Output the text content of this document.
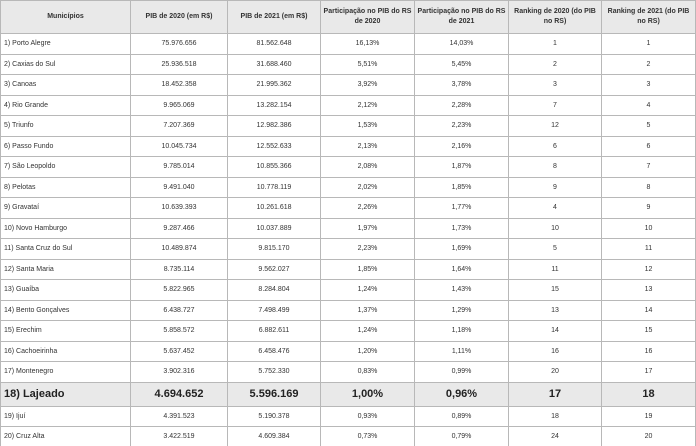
Municípios	PIB de 2020 (em R$)	PIB de 2021 (em R$)	Participação no PIB do RS de 2020	Participação no PIB do RS de 2021	Ranking de 2020 (do PIB no RS)	Ranking de 2021 (do PIB no RS)
1) Porto Alegre	75.976.656	81.562.648	16,13%	14,03%	1	1
2) Caxias do Sul	25.936.518	31.688.460	5,51%	5,45%	2	2
3) Canoas	18.452.358	21.995.362	3,92%	3,78%	3	3
4) Rio Grande	9.965.069	13.282.154	2,12%	2,28%	7	4
5) Triunfo	7.207.369	12.982.386	1,53%	2,23%	12	5
6) Passo Fundo	10.045.734	12.552.633	2,13%	2,16%	6	6
7) São Leopoldo	9.785.014	10.855.366	2,08%	1,87%	8	7
8) Pelotas	9.491.040	10.778.119	2,02%	1,85%	9	8
9) Gravataí	10.639.393	10.261.618	2,26%	1,77%	4	9
10) Novo Hamburgo	9.287.466	10.037.889	1,97%	1,73%	10	10
11) Santa Cruz do Sul	10.489.874	9.815.170	2,23%	1,69%	5	11
12) Santa Maria	8.735.114	9.562.027	1,85%	1,64%	11	12
13) Guaíba	5.822.965	8.284.804	1,24%	1,43%	15	13
14) Bento Gonçalves	6.438.727	7.498.499	1,37%	1,29%	13	14
15) Erechim	5.858.572	6.882.611	1,24%	1,18%	14	15
16) Cachoeirinha	5.637.452	6.458.476	1,20%	1,11%	16	16
17) Montenegro	3.902.316	5.752.330	0,83%	0,99%	20	17
18) Lajeado	4.694.652	5.596.169	1,00%	0,96%	17	18
19) Ijuí	4.391.523	5.190.378	0,93%	0,89%	18	19
20) Cruz Alta	3.422.519	4.609.384	0,73%	0,79%	24	20
